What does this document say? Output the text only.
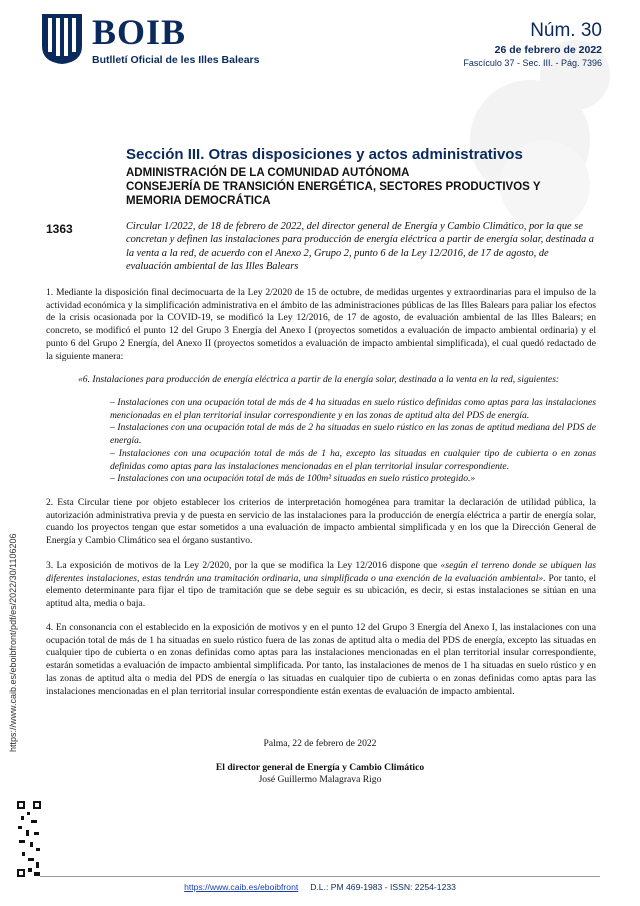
BOIB
Butlletí Oficial de les Illes Balears
Núm. 30
26 de febrero de 2022
Fascículo 37 - Sec. III. - Pág. 7396
Sección III. Otras disposiciones y actos administrativos
ADMINISTRACIÓN DE LA COMUNIDAD AUTÓNOMA
CONSEJERÍA DE TRANSICIÓN ENERGÉTICA, SECTORES PRODUCTIVOS Y MEMORIA DEMOCRÁTICA
1363	Circular 1/2022, de 18 de febrero de 2022, del director general de Energía y Cambio Climático, por la que se concretan y definen las instalaciones para producción de energía eléctrica a partir de energía solar, destinada a la venta a la red, de acuerdo con el Anexo 2, Grupo 2, punto 6 de la Ley 12/2016, de 17 de agosto, de evaluación ambiental de las Illes Balears
1. Mediante la disposición final decimocuarta de la Ley 2/2020 de 15 de octubre, de medidas urgentes y extraordinarias para el impulso de la actividad económica y la simplificación administrativa en el ámbito de las administraciones públicas de las Illes Balears para paliar los efectos de la crisis ocasionada por la COVID-19, se modificó la Ley 12/2016, de 17 de agosto, de evaluación ambiental de las Illes Balears; en concreto, se modificó el punto 12 del Grupo 3 Energía del Anexo I (proyectos sometidos a evaluación de impacto ambiental ordinaria) y el punto 6 del Grupo 2 Energía, del Anexo II (proyectos sometidos a evaluación de impacto ambiental simplificada), el cual quedó redactado de la siguiente manera:
«6. Instalaciones para producción de energía eléctrica a partir de la energía solar, destinada a la venta en la red, siguientes:
– Instalaciones con una ocupación total de más de 4 ha situadas en suelo rústico definidas como aptas para las instalaciones mencionadas en el plan territorial insular correspondiente y en las zonas de aptitud alta del PDS de energía.
– Instalaciones con una ocupación total de más de 2 ha situadas en suelo rústico en las zonas de aptitud mediana del PDS de energía.
– Instalaciones con una ocupación total de más de 1 ha, excepto las situadas en cualquier tipo de cubierta o en zonas definidas como aptas para las instalaciones mencionadas en el plan territorial insular correspondiente.
– Instalaciones con una ocupación total de más de 100m² situadas en suelo rústico protegido.»
2. Esta Circular tiene por objeto establecer los criterios de interpretación homogénea para tramitar la declaración de utilidad pública, la autorización administrativa previa y de puesta en servicio de las instalaciones para la producción de energía eléctrica a partir de energía solar, cuando los proyectos tengan que estar sometidos a una evaluación de impacto ambiental simplificada y en los que la Dirección General de Energía y Cambio Climático sea el órgano sustantivo.
3. La exposición de motivos de la Ley 2/2020, por la que se modifica la Ley 12/2016 dispone que «según el terreno donde se ubiquen las diferentes instalaciones, estas tendrán una tramitación ordinaria, una simplificada o una exención de la evaluación ambiental». Por tanto, el elemento determinante para fijar el tipo de tramitación que se debe seguir es su ubicación, es decir, si estas instalaciones se sitúan en una aptitud alta, media o baja.
4. En consonancia con el establecido en la exposición de motivos y en el punto 12 del Grupo 3 Energía del Anexo I, las instalaciones con una ocupación total de más de 1 ha situadas en suelo rústico fuera de las zonas de aptitud alta o media del PDS de energía, excepto las situadas en cualquier tipo de cubierta o en zonas definidas como aptas para las instalaciones mencionadas en el plan territorial insular correspondiente, estarán sometidas a evaluación de impacto ambiental simplificada. Por tanto, las instalaciones de menos de 1 ha situadas en suelo rústico y en las zonas de aptitud alta o media del PDS de energía o las situadas en cualquier tipo de cubierta o en zonas definidas como aptas para las instalaciones mencionadas en el plan territorial insular correspondiente están exentas de evaluación de impacto ambiental.
Palma, 22 de febrero de 2022
El director general de Energía y Cambio Climático
José Guillermo Malagrava Rigo
https://www.caib.es/eboibfront/pdf/es/2022/30/1106206
https://www.caib.es/eboibfront D.L.: PM 469-1983 - ISSN: 2254-1233
